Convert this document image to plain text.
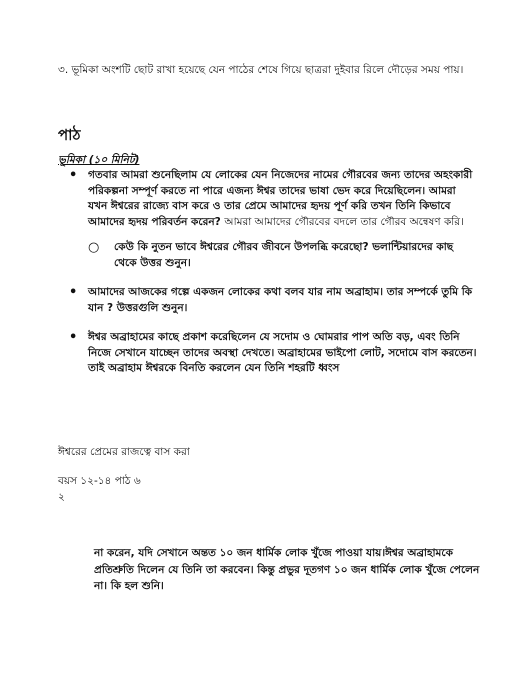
৩. ভূমিকা অংশটি ছোট রাখা হয়েছে যেন পাঠের শেষে গিয়ে ছাত্ররা দুইবার রিলে দৌড়ের সময় পায়।
পাঠ
ভূমিকা (১০ মিনিট)
• গতবার আমরা শুনেছিলাম যে লোকের যেন নিজেদের নামের গৌরবের জন্য তাদের অহংকারী পরিকল্পনা সম্পূর্ণ করতে না পারে এজন্য ঈশ্বর তাদের ভাষা ভেদ করে দিয়েছিলেন। আমরা যখন ঈশ্বরের রাজ্যে বাস করে ও তার প্রেমে আমাদের হৃদয় পূর্ণ করি তখন তিনি কিভাবে আমাদের হৃদয় পরিবর্তন করেন? আমরা আমাদের গৌরবের বদলে তার গৌরব অন্বেষণ করি।
○ কেউ কি নুতন ভাবে ঈশ্বরের গৌরব জীবনে উপলব্ধি করেছো? ভলান্টিয়ারদের কাছ থেকে উত্তর শুনুন।
• আমাদের আজকের গল্পে একজন লোকের কথা বলব যার নাম অব্রাহাম। তার সম্পর্কে তুমি কি যান ? উত্তরগুলি শুনুন।
• ঈশ্বর অব্রাহামের কাছে প্রকাশ করেছিলেন যে সদোম ও ঘোমরার পাপ অতি বড়, এবং তিনি নিজে সেখানে যাচ্ছেন তাদের অবস্থা দেখতে। অব্রাহামের ভাইপো লোট, সদোমে বাস করতেন।তাই অব্রাহাম ঈশ্বরকে বিনতি করলেন যেন তিনি শহরটি ধ্বংস
ঈশ্বরের প্রেমের রাজত্বে বাস করা
বয়স ১২-১৪ পাঠ ৬
২
না করেন, যদি সেখানে অন্তত ১০ জন ধার্মিক লোক খুঁজে পাওয়া যায়।ঈশ্বর অব্রাহামকে প্রতিশ্রুতি দিলেন যে তিনি তা করবেন। কিন্তু প্রভুর দূতগণ ১০ জন ধার্মিক লোক খুঁজে পেলেন না। কি হল শুনি।
